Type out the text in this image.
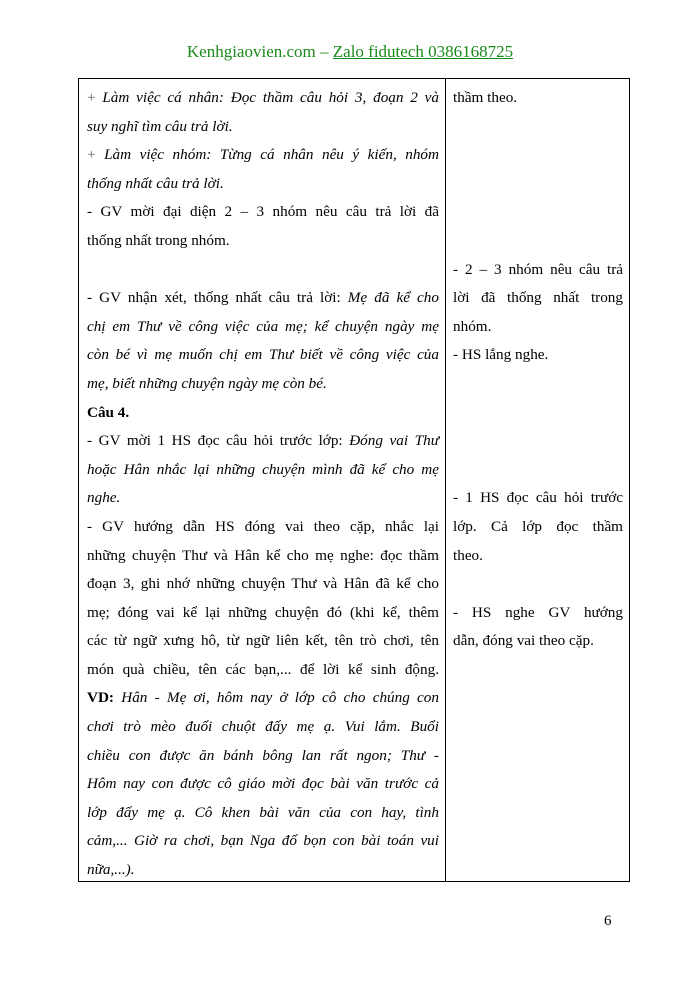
Kenhgiaovien.com – Zalo fidutech 0386168725
+ Làm việc cá nhân: Đọc thầm câu hỏi 3, đoạn 2 và
suy nghĩ tìm câu trả lời.
+ Làm việc nhóm: Từng cá nhân nêu ý kiến, nhóm
thống nhất câu trả lời.
- GV mời đại diện 2 – 3 nhóm nêu câu trả lời đã
thống nhất trong nhóm.

- GV nhận xét, thống nhất câu trả lời: Mẹ đã kể cho
chị em Thư về công việc của mẹ; kể chuyện ngày mẹ
còn bé vì mẹ muốn chị em Thư biết về công việc của
mẹ, biết những chuyện ngày mẹ còn bé.
Câu 4.
- GV mời 1 HS đọc câu hỏi trước lớp: Đóng vai Thư
hoặc Hân nhắc lại những chuyện mình đã kể cho mẹ
nghe.
- GV hướng dẫn HS đóng vai theo cặp, nhắc lại
những chuyện Thư và Hân kể cho mẹ nghe: đọc thầm
đoạn 3, ghi nhớ những chuyện Thư và Hân đã kể cho
mẹ; đóng vai kể lại những chuyện đó (khi kể, thêm
các từ ngữ xưng hô, từ ngữ liên kết, tên trò chơi, tên
món quà chiều, tên các bạn,... để lời kể sinh động.
VD: Hân - Mẹ ơi, hôm nay ở lớp cô cho chúng con
chơi trò mèo đuổi chuột đấy mẹ ạ. Vui lắm. Buổi
chiều con được ăn bánh bông lan rất ngon; Thư -
Hôm nay con được cô giáo mời đọc bài văn trước cả
lớp đấy mẹ ạ. Cô khen bài văn của con hay, tình
cảm,... Giờ ra chơi, bạn Nga đố bọn con bài toán vui
nữa,...).
thầm theo.

- 2 – 3 nhóm nêu câu trả
lời đã thống nhất trong
nhóm.
- HS lắng nghe.

- 1 HS đọc câu hỏi trước
lớp. Cả lớp đọc thầm
theo.

- HS nghe GV hướng
dẫn, đóng vai theo cặp.
6
